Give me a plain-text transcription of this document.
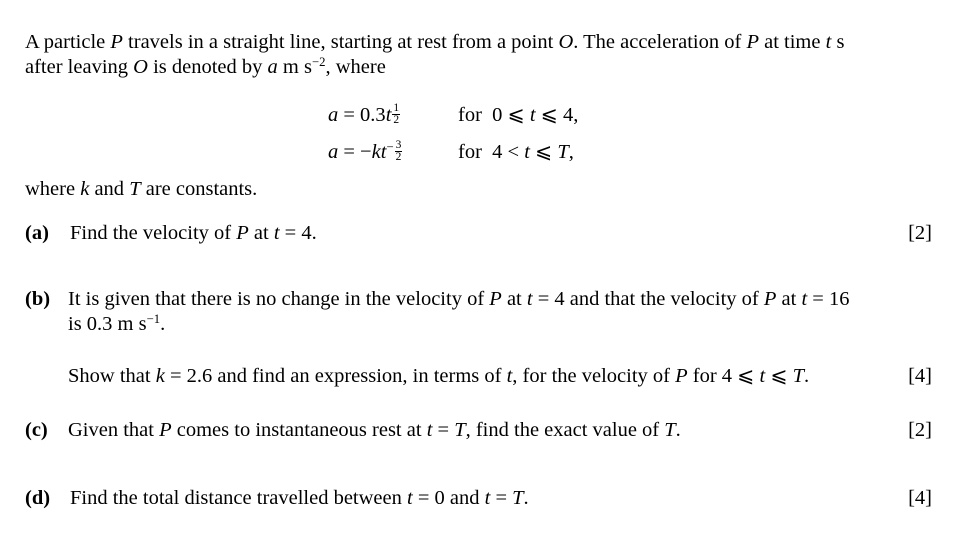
A particle P travels in a straight line, starting at rest from a point O. The acceleration of P at time t s
after leaving O is denoted by a m $s^{-2}$, where
$a = 0.3t \frac{1}{2}$	for  0 ⩽ t ⩽ 4,
$a = -kt^- \frac{3}{2}$	for  4 < t ⩽ T,
where k and T are constants.
(a) Find the velocity of P at t = 4.	[2]
(b) It is given that there is no change in the velocity of P at t = 4 and that the velocity of P at t = 16
is 0.3 m $s^{-1}$.
Show that k = 2.6 and find an expression, in terms of t, for the velocity of P for 4 ⩽ t ⩽ T.	[4]
(c) Given that P comes to instantaneous rest at t = T, find the exact value of T.	[2]
(d) Find the total distance travelled between t = 0 and t = T.	[4]
